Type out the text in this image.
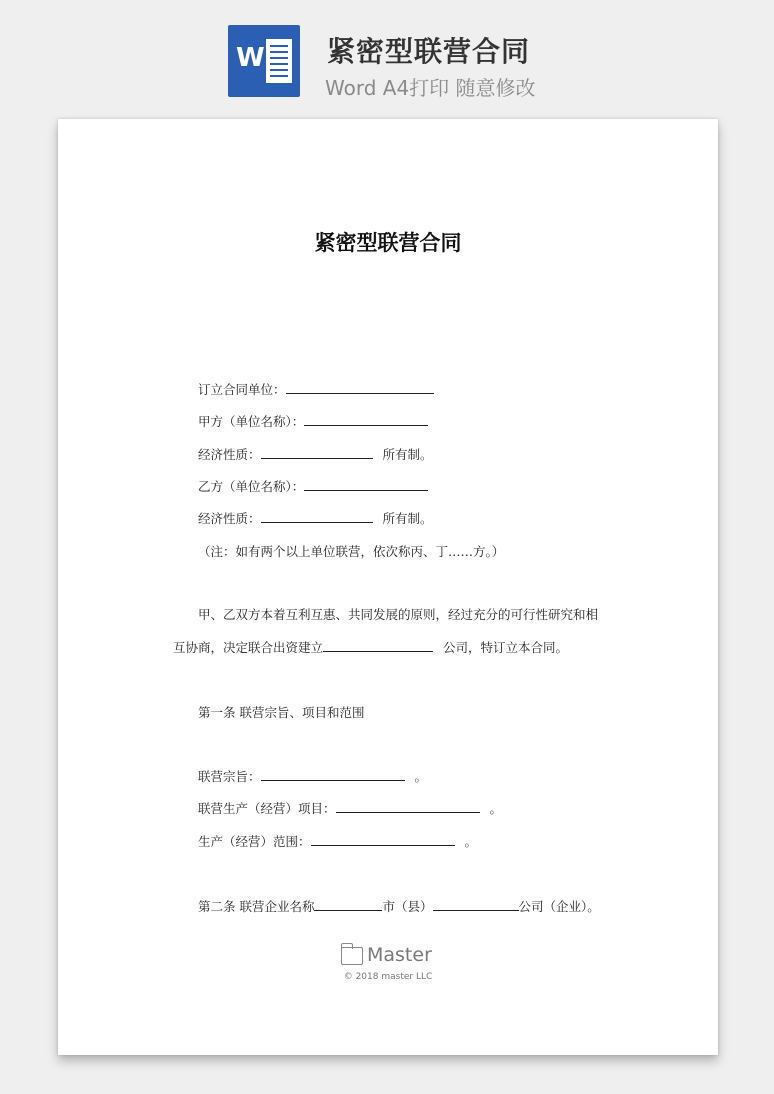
W 紧密型联营合同
Word A4打印 随意修改
紧密型联营合同
订立合同单位：
甲方（单位名称）：
经济性质：	所有制。
乙方（单位名称）：
经济性质：	所有制。
（注：如有两个以上单位联营，依次称丙、丁……方。）
甲、乙双方本着互利互惠、共同发展的原则，经过充分的可行性研究和相
互协商，决定联合出资建立	公司，特订立本合同。
第一条 联营宗旨、项目和范围
联营宗旨：	。
联营生产（经营）项目：	。
生产（经营）范围：	。
第二条 联营企业名称	市（县）	公司（企业）。
Master
© 2018 master LLC
